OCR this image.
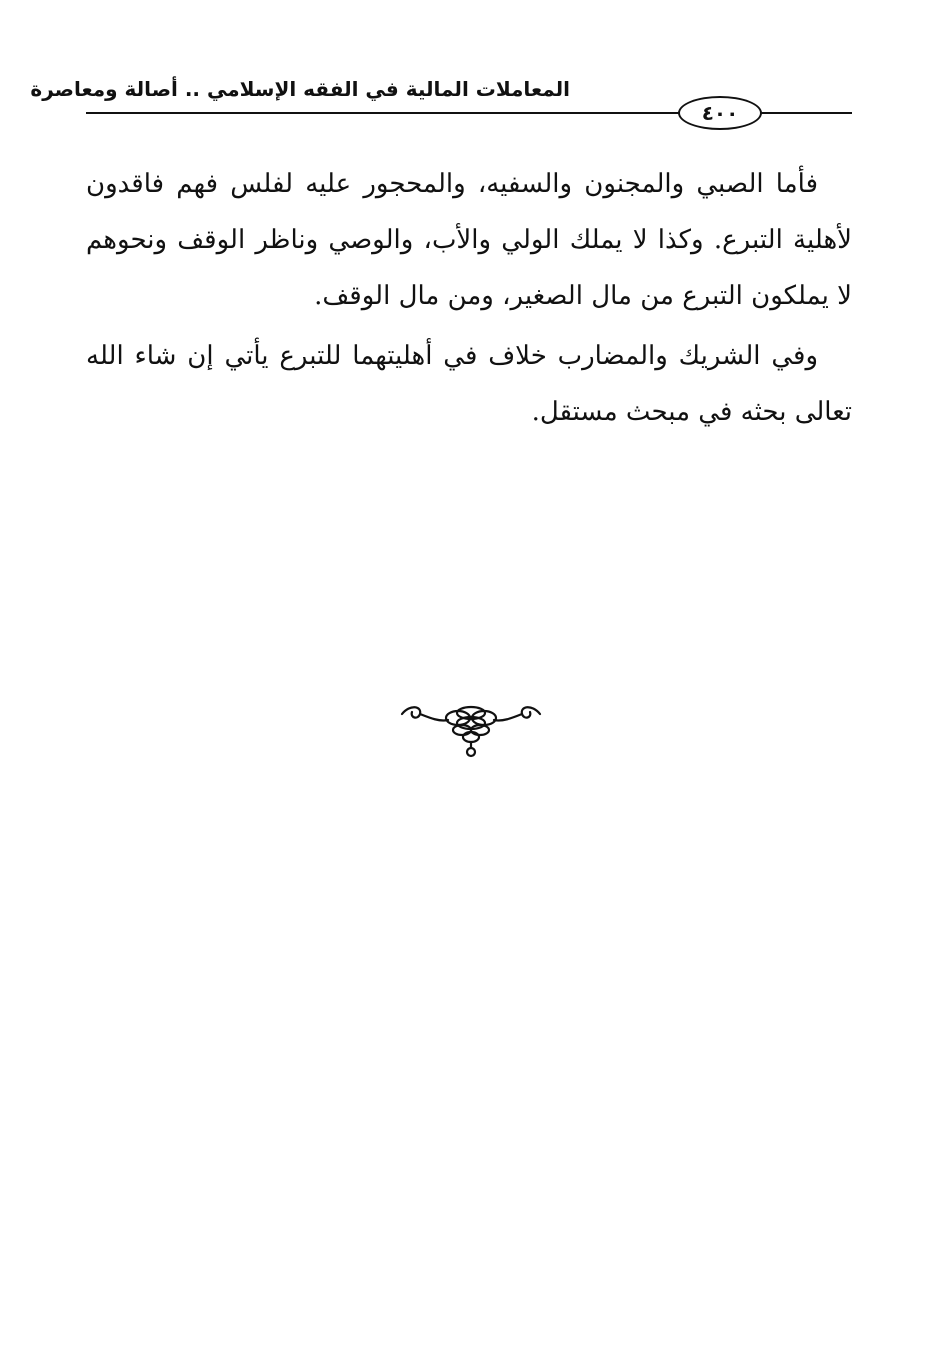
المعاملات المالية في الفقه الإسلامي .. أصالة ومعاصرة
٤٠٠

فأما الصبي والمجنون والسفيه، والمحجور عليه لفلس فهم فاقدون لأهلية التبرع. وكذا لا يملك الولي والأب، والوصي وناظر الوقف ونحوهم لا يملكون التبرع من مال الصغير، ومن مال الوقف.

وفي الشريك والمضارب خلاف في أهليتهما للتبرع يأتي إن شاء الله تعالى بحثه في مبحث مستقل.
